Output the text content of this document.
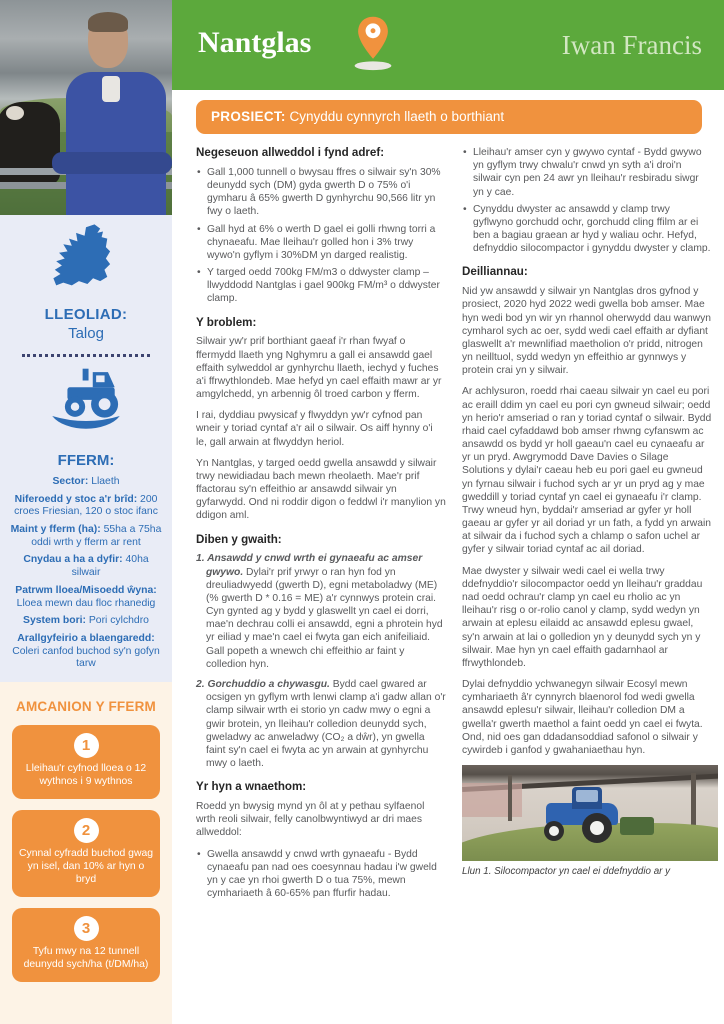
LLEOLIAD:
Talog
FFERM:
Sector: Llaeth
Niferoedd y stoc a'r brîd: 200 croes Friesian, 120 o stoc ifanc
Maint y fferm (ha): 55ha a 75ha oddi wrth y fferm ar rent
Cnydau a ha a dyfir: 40ha silwair
Patrwm lloea/Misoedd ŵyna: Lloea mewn dau floc rhanedig
System bori: Pori cylchdro
Arallgyfeirio a blaengaredd: Coleri canfod buchod sy'n gofyn tarw
AMCANION Y FFERM
1
Lleihau'r cyfnod lloea o 12 wythnos i 9 wythnos
2
Cynnal cyfradd buchod gwag yn isel, dan 10% ar hyn o bryd
3
Tyfu mwy na 12 tunnell deunydd sych/ha (t/DM/ha)
Nantglas	Iwan Francis
PROSIECT: Cynyddu cynnyrch llaeth o borthiant
Negeseuon allweddol i fynd adref:
• Gall 1,000 tunnell o bwysau ffres o silwair sy'n 30% deunydd sych (DM) gyda gwerth D o 75% o'i gymharu â 65% gwerth D gynhyrchu 90,566 litr yn fwy o laeth.
• Gall hyd at 6% o werth D gael ei golli rhwng torri a chynaeafu. Mae lleihau'r golled hon i 3% trwy wywo'n gyflym i 30%DM yn darged realistig.
• Y targed oedd 700kg FM/m3 o ddwyster clamp – llwyddodd Nantglas i gael 900kg FM/m³ o ddwyster clamp.
Y broblem:

Silwair yw'r prif borthiant gaeaf i'r rhan fwyaf o ffermydd llaeth yng Nghymru a gall ei ansawdd gael effaith sylweddol ar gynhyrchu llaeth, iechyd y fuches a'i ffrwythlondeb. Mae hefyd yn cael effaith mawr ar yr amgylchedd, yn arbennig ôl troed carbon y fferm.

I rai, dyddiau pwysicaf y flwyddyn yw'r cyfnod pan wneir y toriad cyntaf a'r ail o silwair. Os aiff hynny o'i le, gall arwain at flwyddyn heriol.

Yn Nantglas, y targed oedd gwella ansawdd y silwair trwy newidiadau bach mewn rheolaeth. Mae'r prif ffactorau sy'n effeithio ar ansawdd silwair yn gyfarwydd. Ond ni roddir digon o feddwl i'r manylion yn ddigon aml.

Diben y gwaith:
1. Ansawdd y cnwd wrth ei gynaeafu ac amser gwywo. Dylai'r prif yrwyr o ran hyn fod yn dreuliadwyedd (gwerth D), egni metaboladwy (ME) (% gwerth D * 0.16 = ME) a'r cynnwys protein crai. Cyn gynted ag y bydd y glaswellt yn cael ei dorri, mae'n dechrau colli ei ansawdd, egni a phrotein hyd yr eiliad y mae'n cael ei fwyta gan eich anifeiliaid. Gall popeth a wnewch chi effeithio ar faint y colledion hyn.
2. Gorchuddio a chywasgu. Bydd cael gwared ar ocsigen yn gyflym wrth lenwi clamp a'i gadw allan o'r clamp silwair wrth ei storio yn cadw mwy o egni a gwir brotein, yn lleihau'r colledion deunydd sych, gweladwy ac anweladwy (CO₂ a dŵr), yn gwella faint sy'n cael ei fwyta ac yn arwain at gynhyrchu mwy o laeth.
Yr hyn a wnaethom:

Roedd yn bwysig mynd yn ôl at y pethau sylfaenol wrth reoli silwair, felly canolbwyntiwyd ar dri maes allweddol:

• Gwella ansawdd y cnwd wrth gynaeafu - Bydd cynaeafu pan nad oes coesynnau hadau i'w gweld yn y cae yn rhoi gwerth D o tua 75%, mewn cymhariaeth â 60-65% pan ffurfir hadau.
• Lleihau'r amser cyn y gwywo cyntaf - Bydd gwywo yn gyflym trwy chwalu'r cnwd yn syth a'i droi'n silwair cyn pen 24 awr yn lleihau'r resbiradu siwgr yn y cae.
• Cynyddu dwyster ac ansawdd y clamp trwy gyflwyno gorchudd ochr, gorchudd cling ffilm ar ei ben a bagiau graean ar hyd y waliau ochr. Hefyd, defnyddio silocompactor i gynyddu dwyster y clamp.
Deilliannau:

Nid yw ansawdd y silwair yn Nantglas dros gyfnod y prosiect, 2020 hyd 2022 wedi gwella bob amser. Mae hyn wedi bod yn wir yn rhannol oherwydd dau wanwyn cymharol sych ac oer, sydd wedi cael effaith ar dyfiant glaswellt a'r mewnlifiad maetholion o'r pridd, nitrogen yn neilltuol, sydd wedyn yn effeithio ar gynnwys y protein crai yn y silwair.

Ar achlysuron, roedd rhai caeau silwair yn cael eu pori ac eraill ddim yn cael eu pori cyn gwneud silwair; oedd yn herio'r amseriad o ran y toriad cyntaf o silwair. Bydd rhaid cael cyfaddawd bob amser rhwng cyfanswm ac ansawdd os bydd yr holl gaeau'n cael eu cynaeafu ar yr un pryd. Awgrymodd Dave Davies o Silage Solutions y dylai'r caeau heb eu pori gael eu gwneud yn fyrnau silwair i fuchod sych ar yr un pryd ag y mae gweddill y toriad cyntaf yn cael ei gynaeafu i'r clamp. Trwy wneud hyn, byddai'r amseriad ar gyfer yr holl gaeau ar gyfer yr ail doriad yr un fath, a fydd yn arwain at silwair da i fuchod sych a chlamp o safon uchel ar gyfer y silwair toriad cyntaf ac ail doriad.

Mae dwyster y silwair wedi cael ei wella trwy ddefnyddio'r silocompactor oedd yn lleihau'r graddau nad oedd ochrau'r clamp yn cael eu rholio ac yn lleihau'r risg o or-rolio canol y clamp, sydd wedyn yn arwain at eplesu eilaidd ac ansawdd eplesu gwael, sy'n arwain at lai o golledion yn y deunydd sych yn y silwair. Mae hyn yn cael effaith gadarnhaol ar ffrwythlondeb.

Dylai defnyddio ychwanegyn silwair Ecosyl mewn cymhariaeth â'r cynnyrch blaenorol fod wedi gwella ansawdd eplesu'r silwair, lleihau'r colledion DM a gwella'r gwerth maethol a faint oedd yn cael ei fwyta. Ond, nid oes gan ddadansoddiad safonol o silwair y cywirdeb i ganfod y gwahaniaethau hyn.

Llun 1. Silocompactor yn cael ei ddefnyddio ar y
